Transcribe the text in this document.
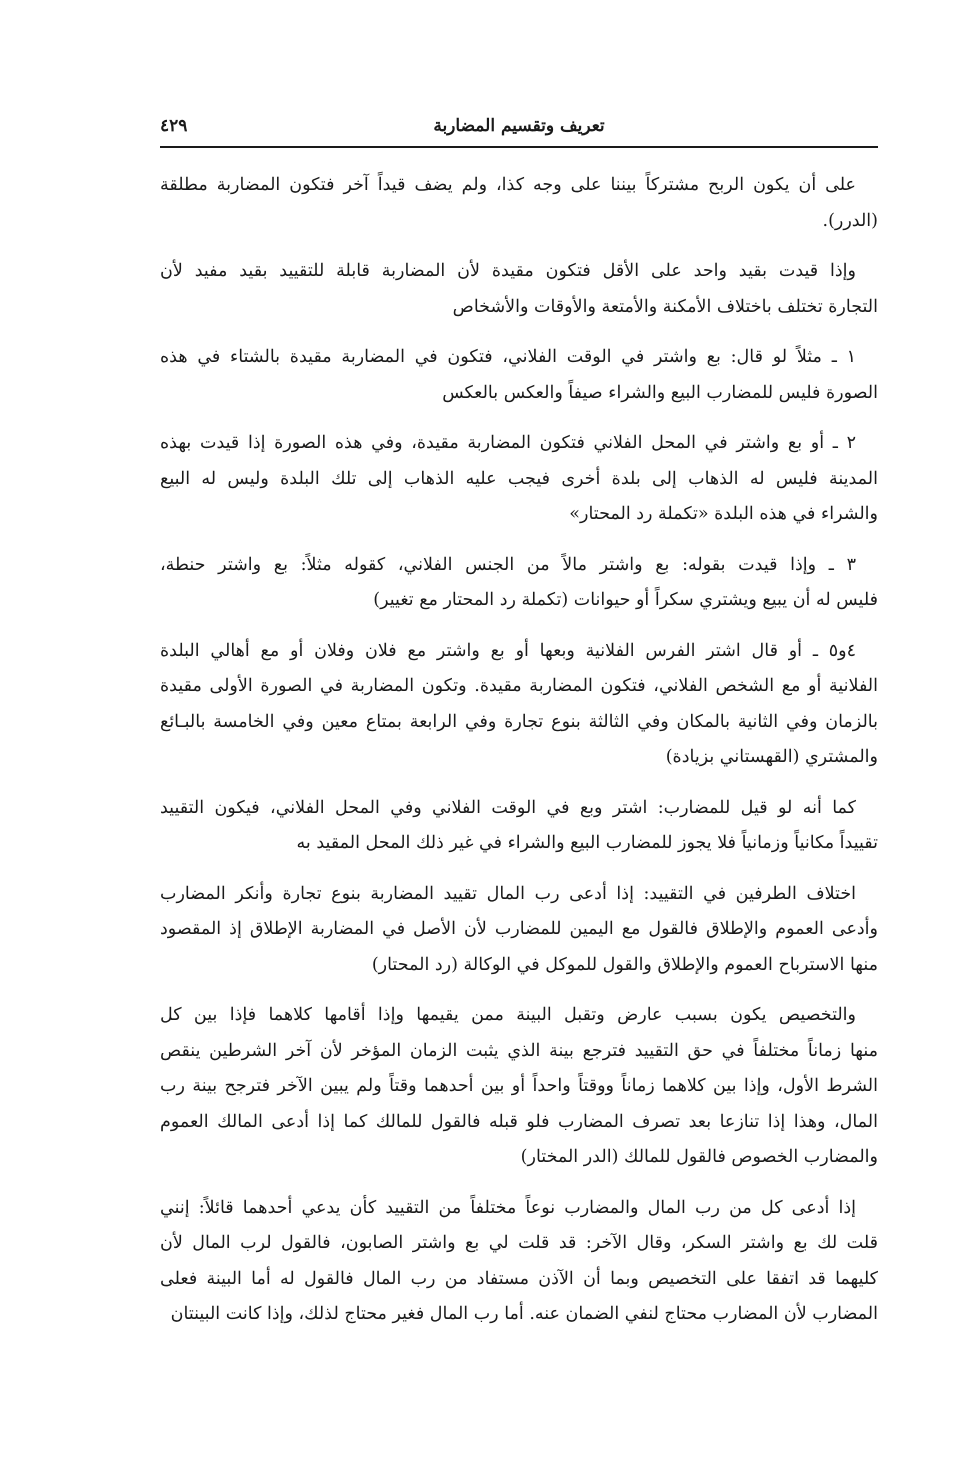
تعريف وتقسيم المضاربة
٤٢٩
على أن يكون الربح مشتركاً بيننا على وجه كذا، ولم يضف قيداً آخر فتكون المضاربة مطلقة
(الدرر).
وإذا قيدت بقيد واحد على الأقل فتكون مقيدة لأن المضاربة قابلة للتقييد بقيد مفيد لأن
التجارة تختلف باختلاف الأمكنة والأمتعة والأوقات والأشخاص
١ ـ مثلاً لو قال: بع واشتر في الوقت الفلاني، فتكون في المضاربة مقيدة بالشتاء في هذه
الصورة فليس للمضارب البيع والشراء صيفاً والعكس بالعكس
٢ ـ أو بع واشتر في المحل الفلاني فتكون المضاربة مقيدة، وفي هذه الصورة إذا قيدت بهذه
المدينة فليس له الذهاب إلى بلدة أخرى فيجب عليه الذهاب إلى تلك البلدة وليس له البيع
والشراء في هذه البلدة «تكملة رد المحتار»
٣ ـ وإذا قيدت بقوله: بع واشتر مالاً من الجنس الفلاني، كقوله مثلاً: بع واشتر حنطة،
فليس له أن يبيع ويشتري سكراً أو حيوانات (تكملة رد المحتار مع تغيير)
٤و٥ ـ أو قال اشتر الفرس الفلانية وبعها أو بع واشتر مع فلان وفلان أو مع أهالي البلدة
الفلانية أو مع الشخص الفلاني، فتكون المضاربة مقيدة. وتكون المضاربة في الصورة الأولى مقيدة
بالزمان وفي الثانية بالمكان وفي الثالثة بنوع تجارة وفي الرابعة بمتاع معين وفي الخامسة بالبـائع
والمشتري (القهستاني بزيادة)
كما أنه لو قيل للمضارب: اشتر وبع في الوقت الفلاني وفي المحل الفلاني، فيكون التقييد
تقييداً مكانياً وزمانياً فلا يجوز للمضارب البيع والشراء في غير ذلك المحل المقيد به
اختلاف الطرفين في التقييد: إذا أدعى رب المال تقييد المضاربة بنوع تجارة وأنكر المضارب
وأدعى العموم والإطلاق فالقول مع اليمين للمضارب لأن الأصل في المضاربة الإطلاق إذ المقصود
منها الاسترباح العموم والإطلاق والقول للموكل في الوكالة (رد المحتار)
والتخصيص يكون بسبب عارض وتقبل البينة ممن يقيمها وإذا أقامها كلاهما فإذا بين كل
منها زماناً مختلفاً في حق التقييد فترجع بينة الذي يثبت الزمان المؤخر لأن آخر الشرطين ينقص
الشرط الأول، وإذا بين كلاهما زماناً ووقتاً واحداً أو بين أحدهما وقتاً ولم يبين الآخر فترجح بينة رب
المال، وهذا إذا تنازعا بعد تصرف المضارب فلو قبله فالقول للمالك كما إذا أدعى المالك العموم
والمضارب الخصوص فالقول للمالك (الدر المختار)
إذا أدعى كل من رب المال والمضارب نوعاً مختلفاً من التقييد كأن يدعي أحدهما قائلاً: إنني
قلت لك بع واشتر السكر، وقال الآخر: قد قلت لي بع واشتر الصابون، فالقول لرب المال لأن
كليهما قد اتفقا على التخصيص وبما أن الآذن مستفاد من رب المال فالقول له أما البينة فعلى
المضارب لأن المضارب محتاج لنفي الضمان عنه. أما رب المال فغير محتاج لذلك، وإذا كانت البينتان
